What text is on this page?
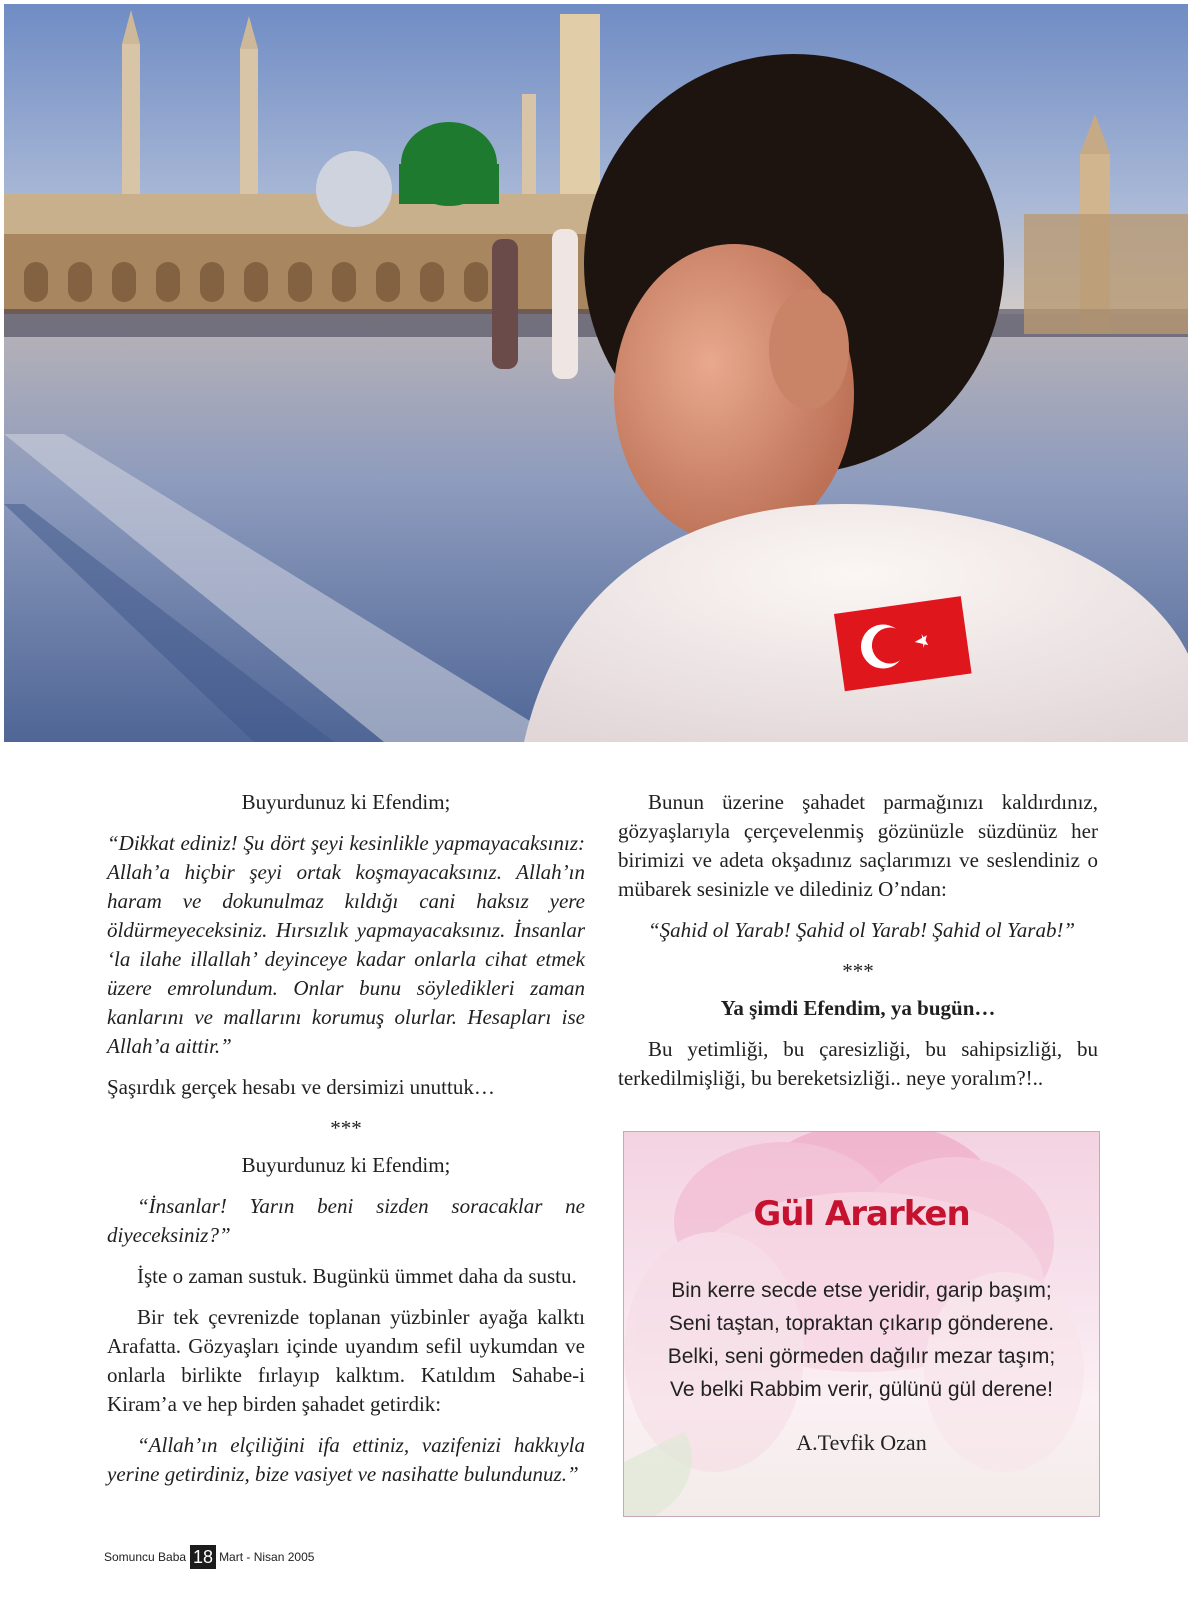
Buyurdunuz ki Efendim;

“Dikkat ediniz! Şu dört şeyi kesinlikle yapmayacaksınız: Allah’a hiçbir şeyi ortak koşmayacaksınız. Allah’ın haram ve dokunulmaz kıldığı cani haksız yere öldürmeyeceksiniz. Hırsızlık yapmayacaksınız. İnsanlar ‘la ilahe illallah’ deyinceye kadar onlarla cihat etmek üzere emrolundum. Onlar bunu söyledikleri zaman kanlarını ve mallarını korumuş olurlar. Hesapları ise Allah’a aittir.”

Şaşırdık gerçek hesabı ve dersimizi unuttuk…

***

Buyurdunuz ki Efendim;

“İnsanlar! Yarın beni sizden soracaklar ne diyeceksiniz?”

İşte o zaman sustuk. Bugünkü ümmet daha da sustu.

Bir tek çevrenizde toplanan yüzbinler ayağa kalktı Arafatta. Gözyaşları içinde uyandım sefil uykumdan ve onlarla birlikte fırlayıp kalktım. Katıldım Sahabe-i Kiram’a ve hep birden şahadet getirdik:

“Allah’ın elçiliğini ifa ettiniz, vazifenizi hakkıyla yerine getirdiniz, bize vasiyet ve nasihatte bulundunuz.”

Bunun üzerine şahadet parmağınızı kaldırdınız, gözyaşlarıyla çerçevelenmiş gözünüzle süzdünüz her birimizi ve adeta okşadınız saçlarımızı ve seslendiniz o mübarek sesinizle ve dilediniz O’ndan:

“Şahid ol Yarab! Şahid ol Yarab! Şahid ol Yarab!”

***

Ya şimdi Efendim, ya bugün…

Bu yetimliği, bu çaresizliği, bu sahipsizliği, bu terkedilmişliği, bu bereketsizliği.. neye yoralım?!..

Gül Ararken
Bin kerre secde etse yeridir, garip başım;
Seni taştan, topraktan çıkarıp gönderene.
Belki, seni görmeden dağılır mezar taşım;
Ve belki Rabbim verir, gülünü gül derene!
A.Tevfik Ozan
Somuncu Baba 18 Mart - Nisan 2005
